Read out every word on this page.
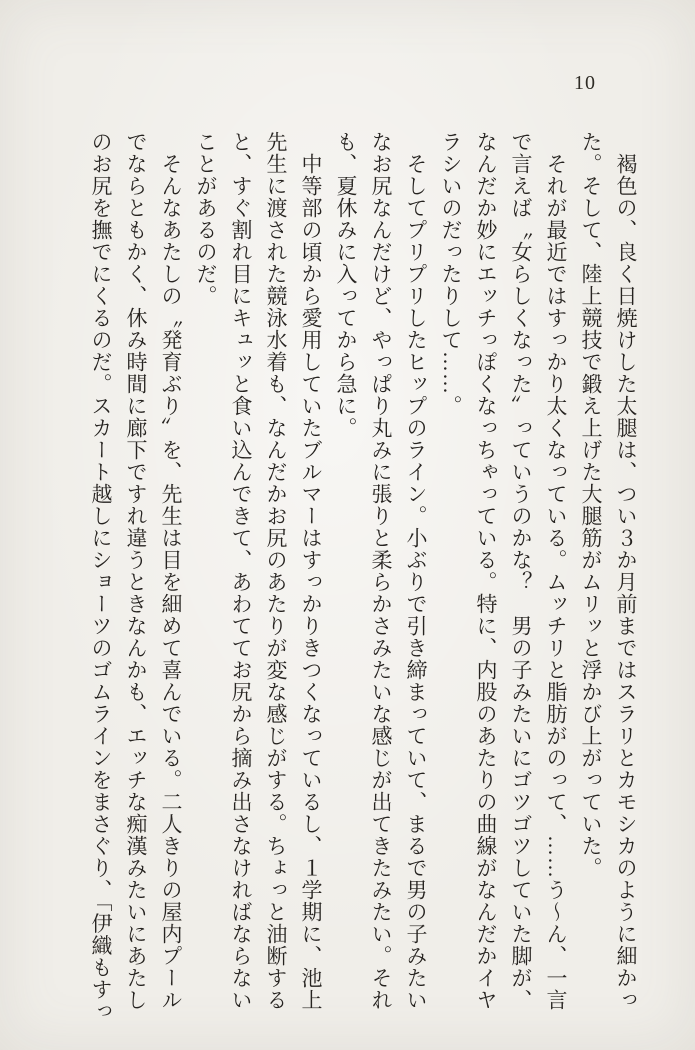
10

褐色の、良く日焼けした太腿は、つい３か月前まではスラリとカモシカのように細かっ

た。そして、陸上競技で鍛え上げた大腿筋がムリッと浮かび上がっていた。

それが最近ではすっかり太くなっている。ムッチリと脂肪がのって、……う〜ん、一言

で言えば〝女らしくなった〟っていうのかな？　男の子みたいにゴツゴツしていた脚が、

なんだか妙にエッチっぽくなっちゃっている。特に、内股のあたりの曲線がなんだかイヤ

ラシいのだったりして……。

そしてプリプリしたヒップのライン。小ぶりで引き締まっていて、まるで男の子みたい

なお尻なんだけど、やっぱり丸みに張りと柔らかさみたいな感じが出てきたみたい。それ

も、夏休みに入ってから急に。

中等部の頃から愛用していたブルマーはすっかりきつくなっているし、１学期に、池上

先生に渡された競泳水着も、なんだかお尻のあたりが変な感じがする。ちょっと油断する

と、すぐ割れ目にキュッと食い込んできて、あわててお尻から摘み出さなければならない

ことがあるのだ。

そんなあたしの〝発育ぶり〟を、先生は目を細めて喜んでいる。二人きりの屋内プール

でならともかく、休み時間に廊下ですれ違うときなんかも、エッチな痴漢みたいにあたし

のお尻を撫でにくるのだ。スカート越しにショーツのゴムラインをまさぐり、「伊織もすっ
